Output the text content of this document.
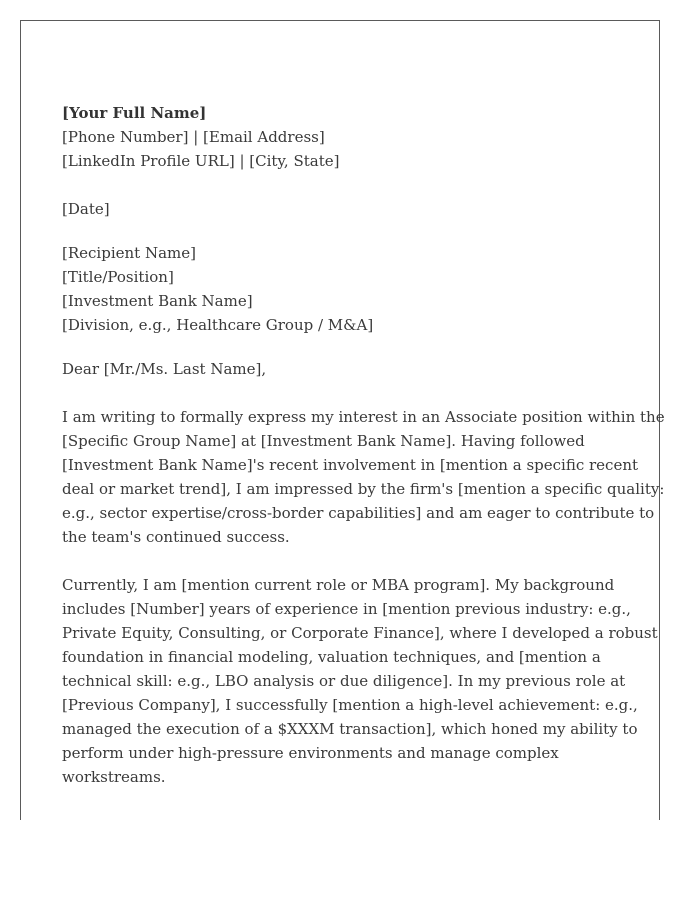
[Your Full Name]
[Phone Number] | [Email Address]
[LinkedIn Profile URL] | [City, State]
[Date]
[Recipient Name]
[Title/Position]
[Investment Bank Name]
[Division, e.g., Healthcare Group / M&A]
Dear [Mr./Ms. Last Name],
I am writing to formally express my interest in an Associate position within the
[Specific Group Name] at [Investment Bank Name]. Having followed
[Investment Bank Name]'s recent involvement in [mention a specific recent
deal or market trend], I am impressed by the firm's [mention a specific quality:
e.g., sector expertise/cross-border capabilities] and am eager to contribute to
the team's continued success.
Currently, I am [mention current role or MBA program]. My background
includes [Number] years of experience in [mention previous industry: e.g.,
Private Equity, Consulting, or Corporate Finance], where I developed a robust
foundation in financial modeling, valuation techniques, and [mention a
technical skill: e.g., LBO analysis or due diligence]. In my previous role at
[Previous Company], I successfully [mention a high-level achievement: e.g.,
managed the execution of a $XXXM transaction], which honed my ability to
perform under high-pressure environments and manage complex
workstreams.
